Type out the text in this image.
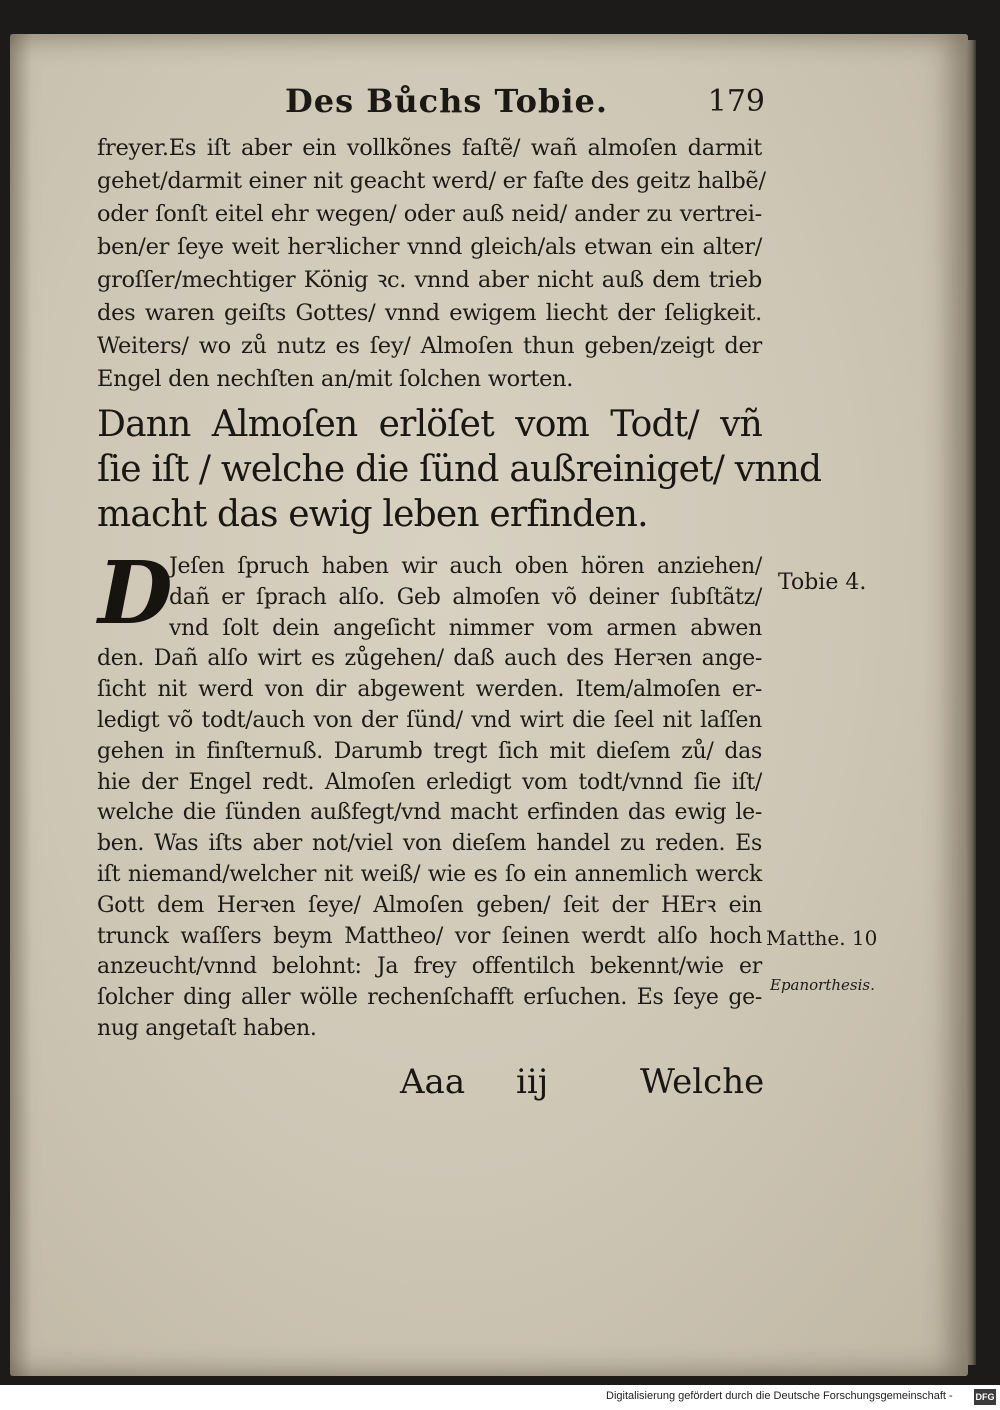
Des Bůchs Tobie.	179
freyer.Es iſt aber ein vollkõnes faſtẽ/ wañ almoſen darmit
gehet/darmit einer nit geacht werd/ er faſte des geitz halbẽ/
oder ſonſt eitel ehr wegen/ oder auß neid/ ander zu vertrei-
ben/er ſeye weit herꝛlicher vnnd gleich/als etwan ein alter/
groſſer/mechtiger König ꝛc. vnnd aber nicht auß dem trieb
des waren geiſts Gottes/ vnnd ewigem liecht der ſeligkeit.
Weiters/ wo zů nutz es ſey/ Almoſen thun geben/zeigt der
Engel den nechſten an/mit ſolchen worten.
Dann Almoſen erlöſet vom Todt/ vñ
ſie iſt / welche die ſünd außreiniget/ vnnd
macht das ewig leben erfinden.
D
Jeſen ſpruch haben wir auch oben hören anziehen/
dañ er ſprach alſo. Geb almoſen võ deiner ſubſtãtz/
vnd ſolt dein angeſicht nimmer vom armen abwen
den. Dañ alſo wirt es zůgehen/ daß auch des Herꝛen ange-
ſicht nit werd von dir abgewent werden. Item/almoſen er-
ledigt võ todt/auch von der ſünd/ vnd wirt die ſeel nit laſſen
gehen in finſternuß. Darumb tregt ſich mit dieſem zů/ das
hie der Engel redt. Almoſen erledigt vom todt/vnnd ſie iſt/
welche die ſünden außfegt/vnd macht erfinden das ewig le-
ben. Was iſts aber not/viel von dieſem handel zu reden. Es
iſt niemand/welcher nit weiß/ wie es ſo ein annemlich werck
Gott dem Herꝛen ſeye/ Almoſen geben/ ſeit der HErꝛ ein
trunck waſſers beym Mattheo/ vor ſeinen werdt alſo hoch
anzeucht/vnnd belohnt: Ja frey offentilch bekennt/wie er
ſolcher ding aller wölle rechenſchafft erſuchen. Es ſeye ge-
nug angetaſt haben.
Tobie 4.
Matthe. 10
Epanorthesis.
Aaa iij	Welche
Digitalisierung gefördert durch die Deutsche Forschungsgemeinschaft -	DFG
